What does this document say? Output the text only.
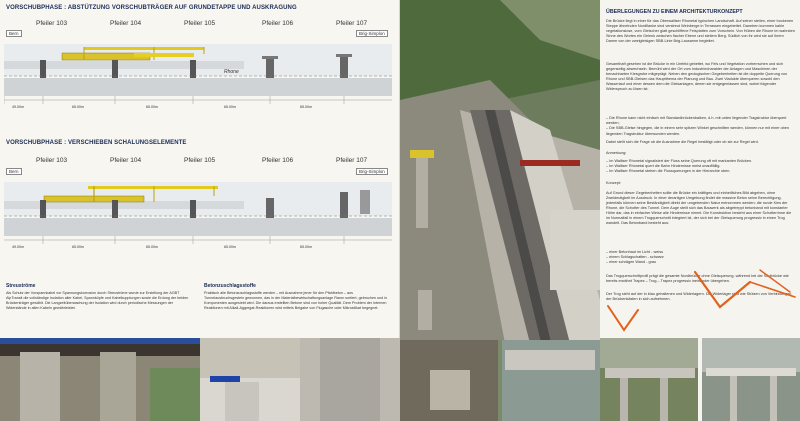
VORSCHUBPHASE : ABSTÜTZUNG VORSCHUBTRÄGER AUF GRUNDETAPPE UND AUSKRAGUNG
Pfeiler 103	Pfeiler 104	Pfeiler 105	Pfeiler 106	Pfeiler 107
Bern	Brig-Simplon
Rhone
49.00m	65.00m	65.00m	65.00m	65.00m
VORSCHUBPHASE : VERSCHIEBEN SCHALUNGSELEMENTE
Pfeiler 103	Pfeiler 104	Pfeiler 105	Pfeiler 106	Pfeiler 107
Bern	Brig-Simplon
49.00m	65.00m	65.00m	65.00m	65.00m
Streuströme
Als Schutz der Vorspannkabel vor Spannungskorrosion durch Streuströme wurde zur Erstellung der AGBT AlpTransit die vollständige Isolation aller Kabel, Spannköpfe und Kabelkupplungen sowie die Erdung der beiden Brückenträger gewählt. Die Langzeitüberwachung der Isolation wird durch periodische Messungen der Widerstände in allen Kabeln gewährleistet.
Betonzuschlagsstoffe
Praktisch alle Betonzuschlagsstoffe werden – mit Ausnahme jener für den Pfahlbeton – aus Tunnelausbruchsgestein gewonnen, das in der Materialbewirtschaftungsanlage Raron sortiert, gebrochen und in Komponenten ausgesiebt wird. Die daraus erstellten Betone sind von hoher Qualität. Dem Problem der internen Reaktionen mit Alkali-Aggregat-Reaktionen wird mittels Beigabe von Flugasche oder Mikrosilikat begegnet.
ÜBERLEGUNGEN ZU EINEM ARCHITEKTURKONZEPT
Die Brücke liegt in einer für das Oberwalliser Rhonetal typischen Landschaft. Auf seiner steilen, einer trockenen Steppe ähnelnden Nordflanke sind verstreut Weinberge in Terrassen eingebettet. Daneben kommen kahle vegetationslose, vom Gletscher glatt geschliffene Felsplatten zum Vorschein. Von Hüben die Rhone im wahrsten Sinne des Wortes ein Gelenk zwischen flacher Ebene und steilem Berg. Südlich von ihr wird sie auf ihrem Damm von der zweigleisigen SBB-Linie Brig-Lausanne begleitet.
Gesamthaft gesehen ist die Brücke in ein Umfeld gebettet, wo Fels und Vegetation vorherrschen und sich gegenseitig abwechseln. Bemüht wird der Ort vom Industriecharakter der Anlagen und Maschinen der benachbarten Kiesgrube mitgeprägt. Neben den geologischen Gegebenheiten ist die doppelte Querung von Rhone und SBB-Gleisen das Hauptthema der Planung und Bau. Zwei Viadukte überqueren sowohl den Wasserlauf und einer dessen dem die Gleisanlagen, denen sie entgegenlassen sind, wobei folgender Widerspruch zu lösen ist:
– Die Rhone kann nicht einfach mit Standardbrückenbalken, d.h. mit unten liegender Tragstruktur überquert werden;
– Die SBB-Gleise hingegen, die in einem sehr spitzen Winkel geschnitten werden, können nur mit einer oben liegenden Tragstruktur überwunden werden.
Dabei stellt sich die Frage ob die Ausnahme die Regel bestätigt oder ob sie zur Regel wird.
Anmerkung:
– Im Walliser Rhonetal signalisiert der Fluss seine Querung oft mit markanten Brücken.
– Im Walliser Rhonetal quert die Bahn Hindernisse meist unauffällig.
– Im Walliser Rhonetal stehen die Flussquerungen in der Hierarchie oben.
Konzept:
Auf Grund dieser Gegebenheiten sollte die Brücke ein kräftiges und einheitliches Bild abgeben, ohne Zweideutigkeit im Ausdruck. In einer derartigen Umgebung findet die massive Beton seine Berechtigung, jedenfalls können seine Beständigkeit direkt der umgebenden Natur entnommen werden: die runde Kies der Rhone, die Schotter des Tunnel. Dem Auge stellt sich das Bauwerk als abgetreppt betonband mit konstanter Höhe dar, das in einfacher Weise alle Hindernisse nimmt. Die Konstruktion besteht aus einer Schotterrinne die im Normalfall in einem Trogquerschnitt integriert ist, der sich bei der Gleisquerung progressiv in einen Trog wandelt. Das Betonband besteht aus:
– einer Betonhaut im Licht - weiss
– einem Schlagschatten - schwarz
– einer schrägen Wand - grau
Das Trogquerschnittprofil prägt die gesamte Nordbrücke ohne Gleisquerung, während bei der Südbrücke wie bereits erwähnt Trapez – Trog – Trapez progressiv ineinander übergehen.
Der Trog sieht auf der in blau gehaltenen und Widerlagern. Die Widerlager sind wie Stützen von Verbindungen der Brückenkästen in sich aufnehmen.
